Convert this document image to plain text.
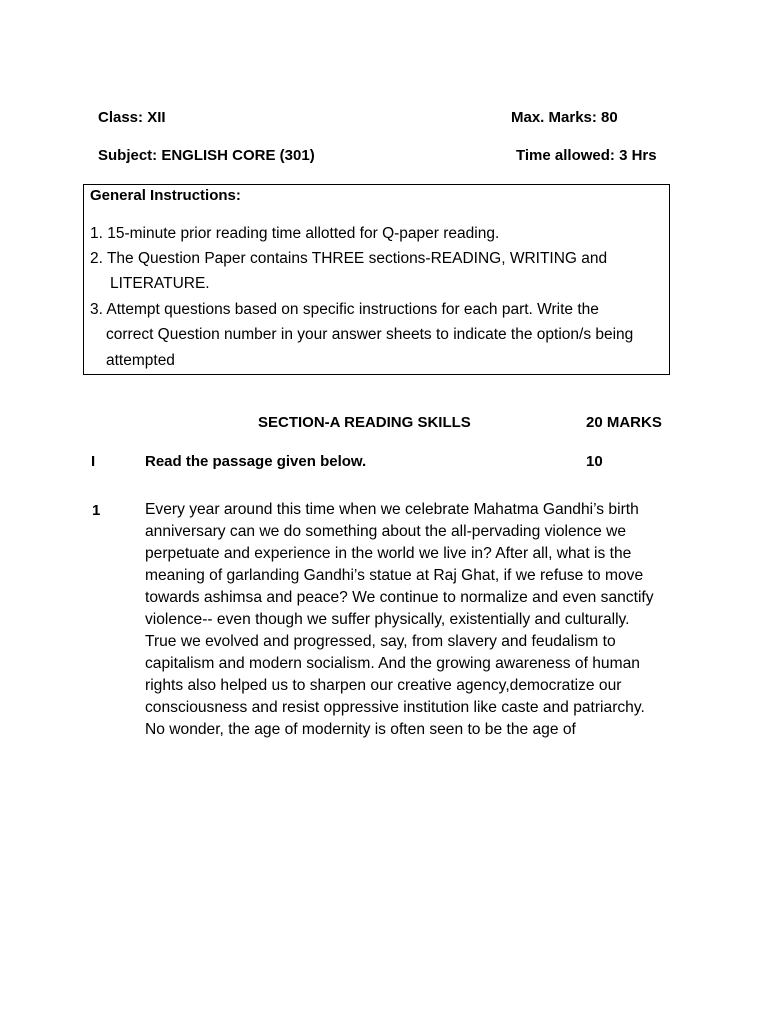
Class: XII	Max. Marks: 80
Subject: ENGLISH CORE (301)	Time allowed: 3 Hrs
General Instructions:
1. 15-minute prior reading time allotted for Q-paper reading.
2. The Question Paper contains THREE sections-READING, WRITING and
LITERATURE.
3. Attempt questions based on specific instructions for each part. Write the
correct Question number in your answer sheets to indicate the option/s being
attempted
SECTION-A READING SKILLS	20 MARKS
I	Read the passage given below.	10
1	Every year around this time when we celebrate Mahatma Gandhi’s birth
anniversary can we do something about the all-pervading violence we
perpetuate and experience in the world we live in? After all, what is the
meaning of garlanding Gandhi’s statue at Raj Ghat, if we refuse to move
towards ashimsa and peace? We continue to normalize and even sanctify
violence-- even though we suffer physically, existentially and culturally.
True we evolved and progressed, say, from slavery and feudalism to
capitalism and modern socialism. And the growing awareness of human
rights also helped us to sharpen our creative agency,democratize our
consciousness and resist oppressive institution like caste and patriarchy.
No wonder, the age of modernity is often seen to be the age of
